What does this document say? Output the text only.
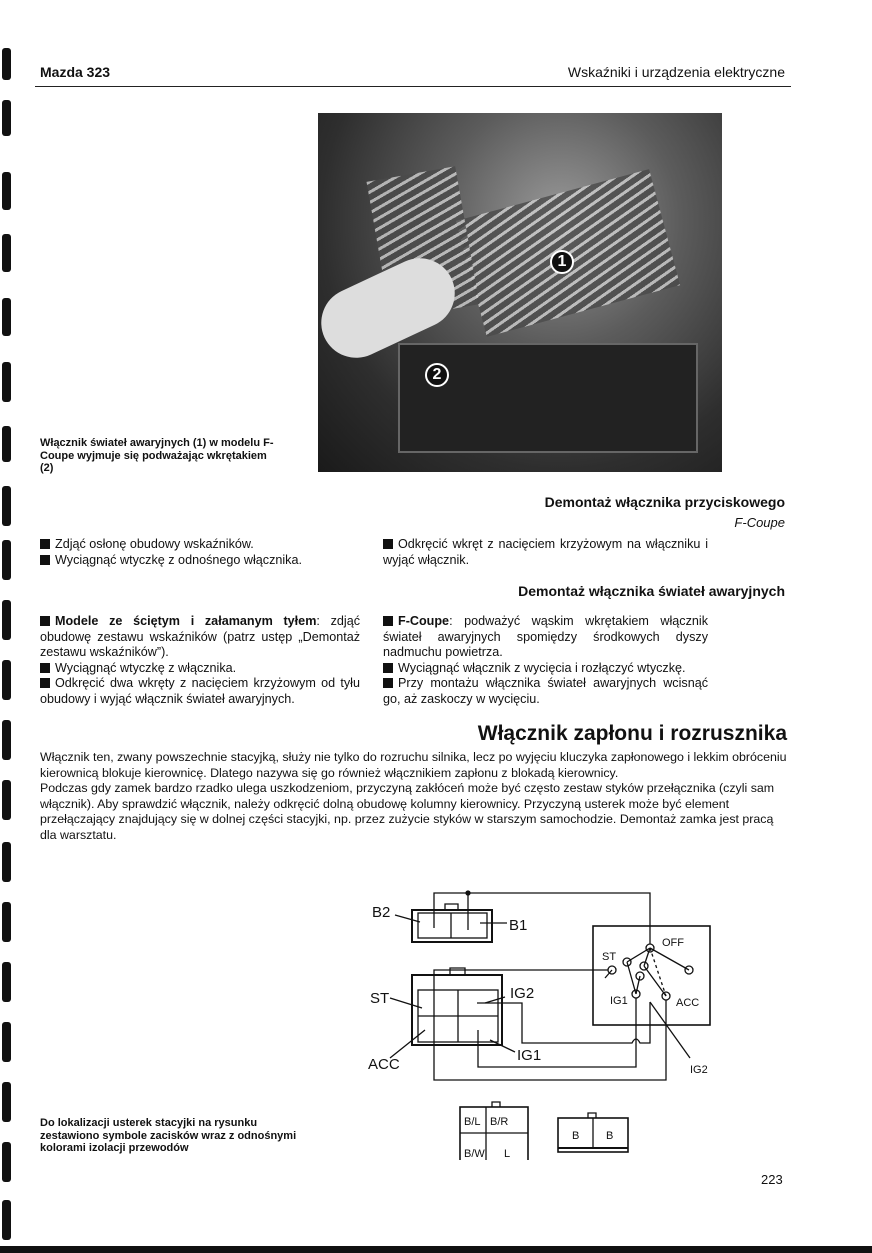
Mazda 323	Wskaźniki i urządzenia elektryczne
1
2
Włącznik świateł awaryjnych (1) w modelu F-Coupe wyjmuje się podważając wkrętakiem (2)
Demontaż włącznika przyciskowego
F-Coupe
Zdjąć osłonę obudowy wskaźników.
Wyciągnąć wtyczkę z odnośnego włącznika.
Odkręcić wkręt z nacięciem krzyżowym na włączniku i wyjąć włącznik.
Demontaż włącznika świateł awaryjnych
Modele ze ściętym i załamanym tyłem: zdjąć obudowę zestawu wskaźników (patrz ustęp „Demontaż zestawu wskaźników”).
Wyciągnąć wtyczkę z włącznika.
Odkręcić dwa wkręty z nacięciem krzyżowym od tyłu obudowy i wyjąć włącznik świateł awaryjnych.
F-Coupe: podważyć wąskim wkrętakiem włącznik świateł awaryjnych spomiędzy środkowych dyszy nadmuchu powietrza.
Wyciągnąć włącznik z wycięcia i rozłączyć wtyczkę.
Przy montażu włącznika świateł awaryjnych wcisnąć go, aż zaskoczy w wycięciu.
Włącznik zapłonu i rozrusznika
Włącznik ten, zwany powszechnie stacyjką, służy nie tylko do rozruchu silnika, lecz po wyjęciu kluczyka zapłonowego i lekkim obróceniu kierownicą blokuje kierownicę. Dlatego nazywa się go również włącznikiem zapłonu z blokadą kierownicy.
Podczas gdy zamek bardzo rzadko ulega uszkodzeniom, przyczyną zakłóceń może być często zestaw styków przełącznika (czyli sam włącznik). Aby sprawdzić włącznik, należy odkręcić dolną obudowę kolumny kierownicy. Przyczyną usterek może być element przełączający znajdujący się w dolnej części stacyjki, np. przez zużycie styków w starszym samochodzie. Demontaż zamka jest pracą dla warsztatu.
B2
B1
ST	IG2
ACC
IG1
OFF
ST
IG1	ACC
IG2
B/L B/R
B/W L
B B
Do lokalizacji usterek stacyjki na rysunku zestawiono symbole zacisków wraz z odnośnymi kolorami izolacji przewodów
223
